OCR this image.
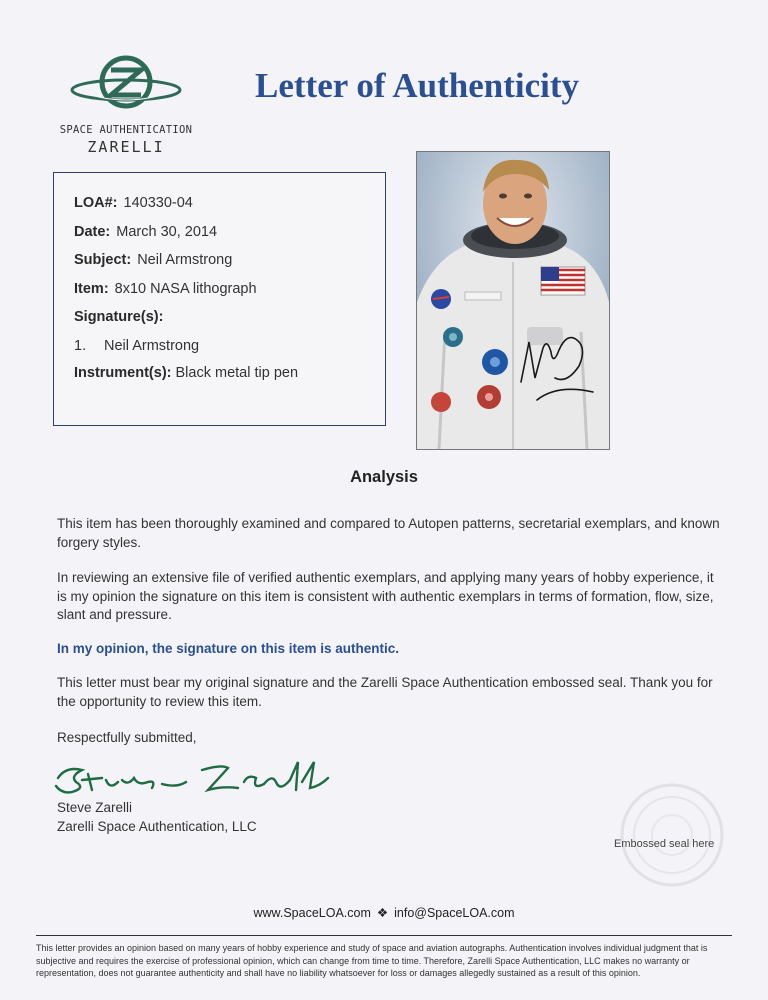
SPACE AUTHENTICATION
ZARELLI
Letter of Authenticity
LOA#: 140330-04
Date: March 30, 2014
Subject: Neil Armstrong
Item: 8x10 NASA lithograph
Signature(s):
1. Neil Armstrong
Instrument(s): Black metal tip pen
Analysis
This item has been thoroughly examined and compared to Autopen patterns, secretarial exemplars, and known forgery styles.
In reviewing an extensive file of verified authentic exemplars, and applying many years of hobby experience, it is my opinion the signature on this item is consistent with authentic exemplars in terms of formation, flow, size, slant and pressure.
In my opinion, the signature on this item is authentic.
This letter must bear my original signature and the Zarelli Space Authentication embossed seal. Thank you for the opportunity to review this item.
Respectfully submitted,
Steve Zarelli
Zarelli Space Authentication, LLC
Embossed seal here
www.SpaceLOA.com ❖ info@SpaceLOA.com
This letter provides an opinion based on many years of hobby experience and study of space and aviation autographs. Authentication involves individual judgment that is subjective and requires the exercise of professional opinion, which can change from time to time. Therefore, Zarelli Space Authentication, LLC makes no warranty or representation, does not guarantee authenticity and shall have no liability whatsoever for loss or damages allegedly sustained as a result of this opinion.
